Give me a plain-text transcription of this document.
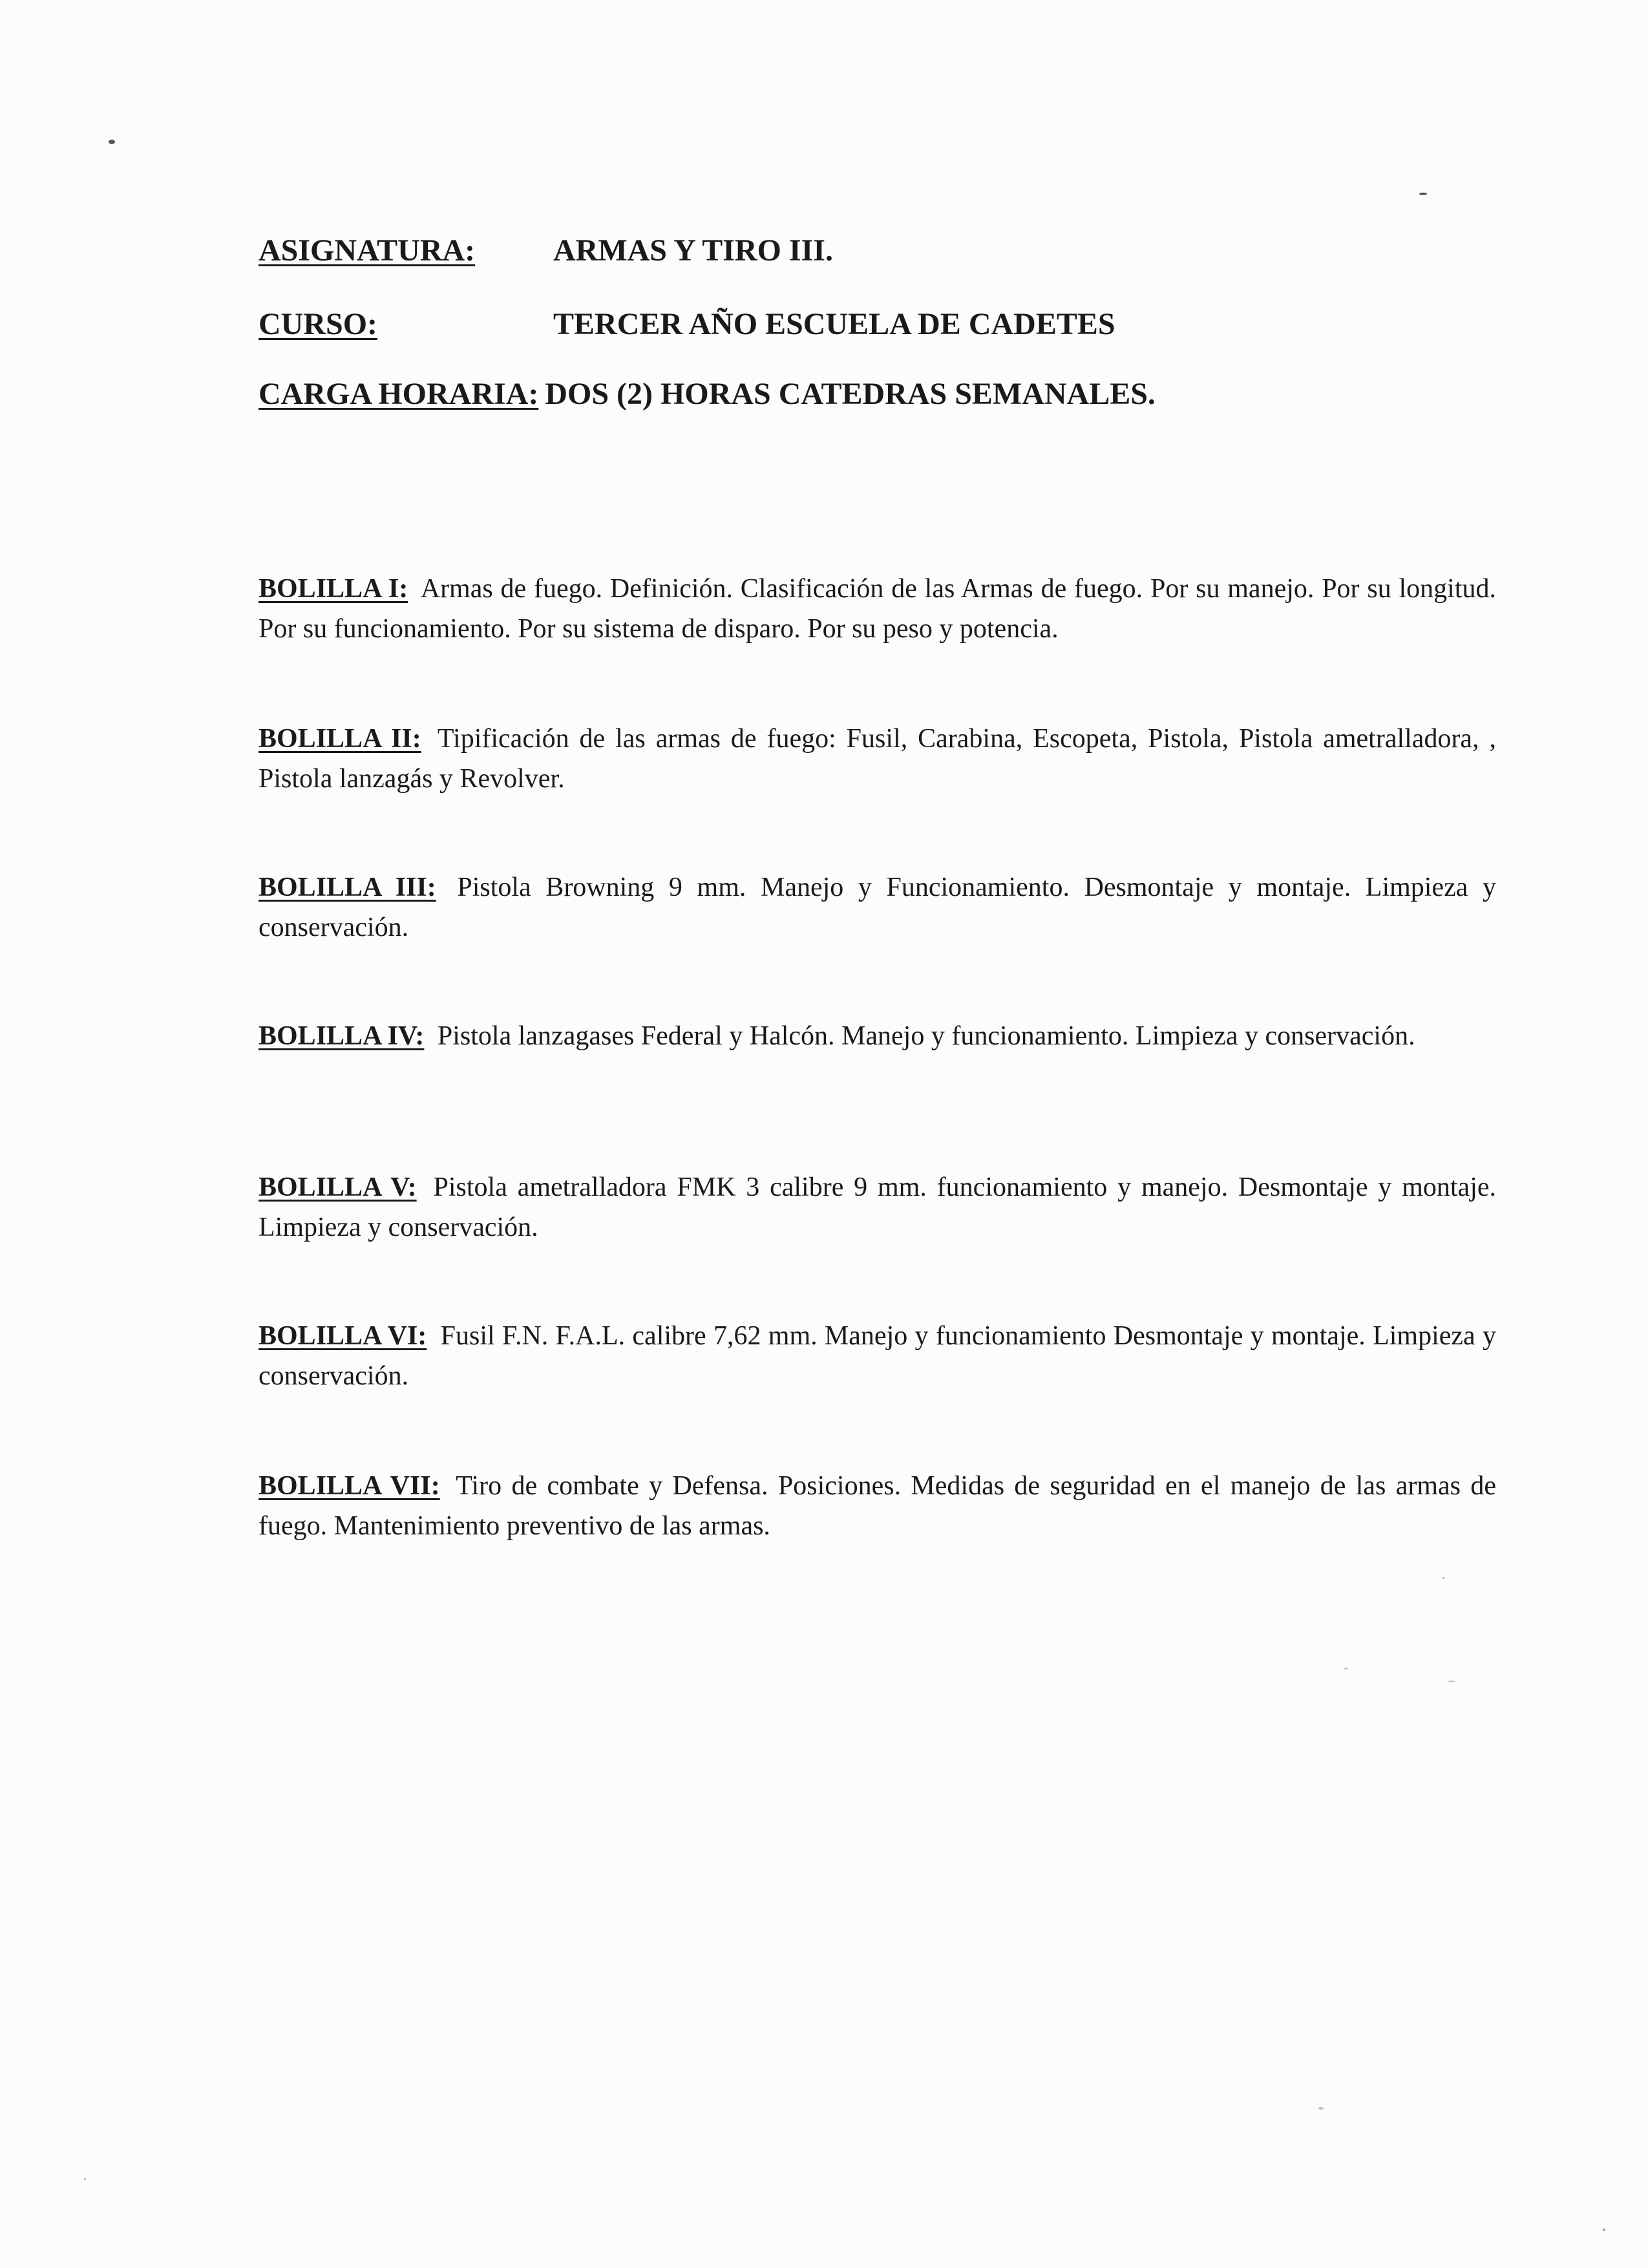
ASIGNATURA:	ARMAS Y TIRO III.
CURSO:	TERCER AÑO ESCUELA DE CADETES
CARGA HORARIA: DOS (2) HORAS CATEDRAS SEMANALES.
BOLILLA I: Armas de fuego. Definición. Clasificación de las Armas de fuego. Por su manejo. Por su longitud. Por su funcionamiento. Por su sistema de disparo. Por su peso y potencia.
BOLILLA II: Tipificación de las armas de fuego: Fusil, Carabina, Escopeta, Pistola, Pistola ametralladora, , Pistola lanzagás y Revolver.
BOLILLA III: Pistola Browning 9 mm. Manejo y Funcionamiento. Desmontaje y montaje. Limpieza y conservación.
BOLILLA IV: Pistola lanzagases Federal y Halcón. Manejo y funcionamiento. Limpieza y conservación.
BOLILLA V: Pistola ametralladora FMK 3 calibre 9 mm. funcionamiento y manejo. Desmontaje y montaje. Limpieza y conservación.
BOLILLA VI: Fusil F.N. F.A.L. calibre 7,62 mm. Manejo y funcionamiento Desmontaje y montaje. Limpieza y conservación.
BOLILLA VII: Tiro de combate y Defensa. Posiciones. Medidas de seguridad en el manejo de las armas de fuego. Mantenimiento preventivo de las armas.
